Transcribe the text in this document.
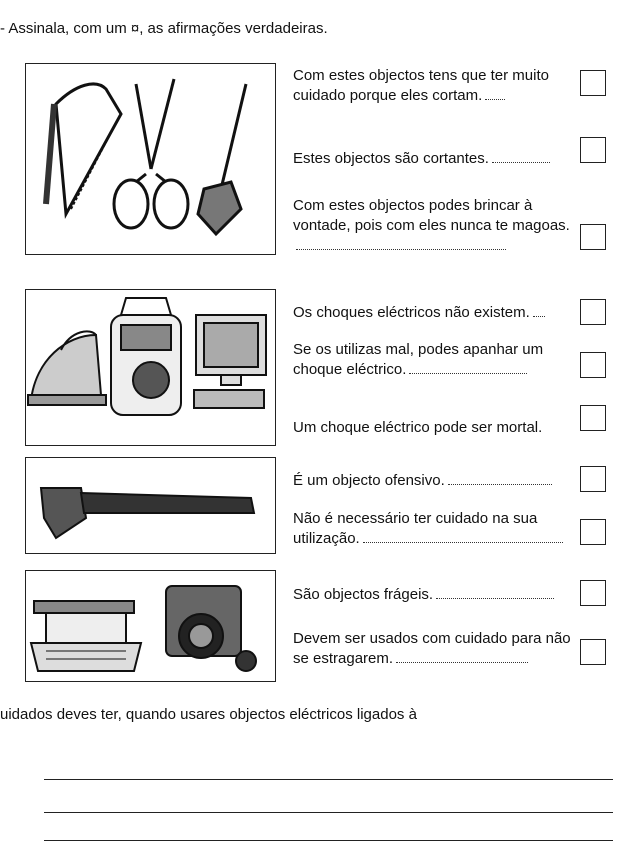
- Assinala, com um ¤, as afirmações verdadeiras.
Com estes objectos tens que ter muito cuidado porque eles cortam.
Estes objectos são cortantes.
Com estes objectos podes brincar à vontade, pois com eles nunca te magoas.
Os choques eléctricos não existem.
Se os utilizas mal, podes apanhar um choque eléctrico.
Um choque eléctrico pode ser mortal.
É um objecto ofensivo.
Não é necessário ter cuidado na sua utilização.
São objectos frágeis.
Devem ser usados com cuidado para não se estragarem.
uidados deves ter, quando usares objectos eléctricos ligados à
